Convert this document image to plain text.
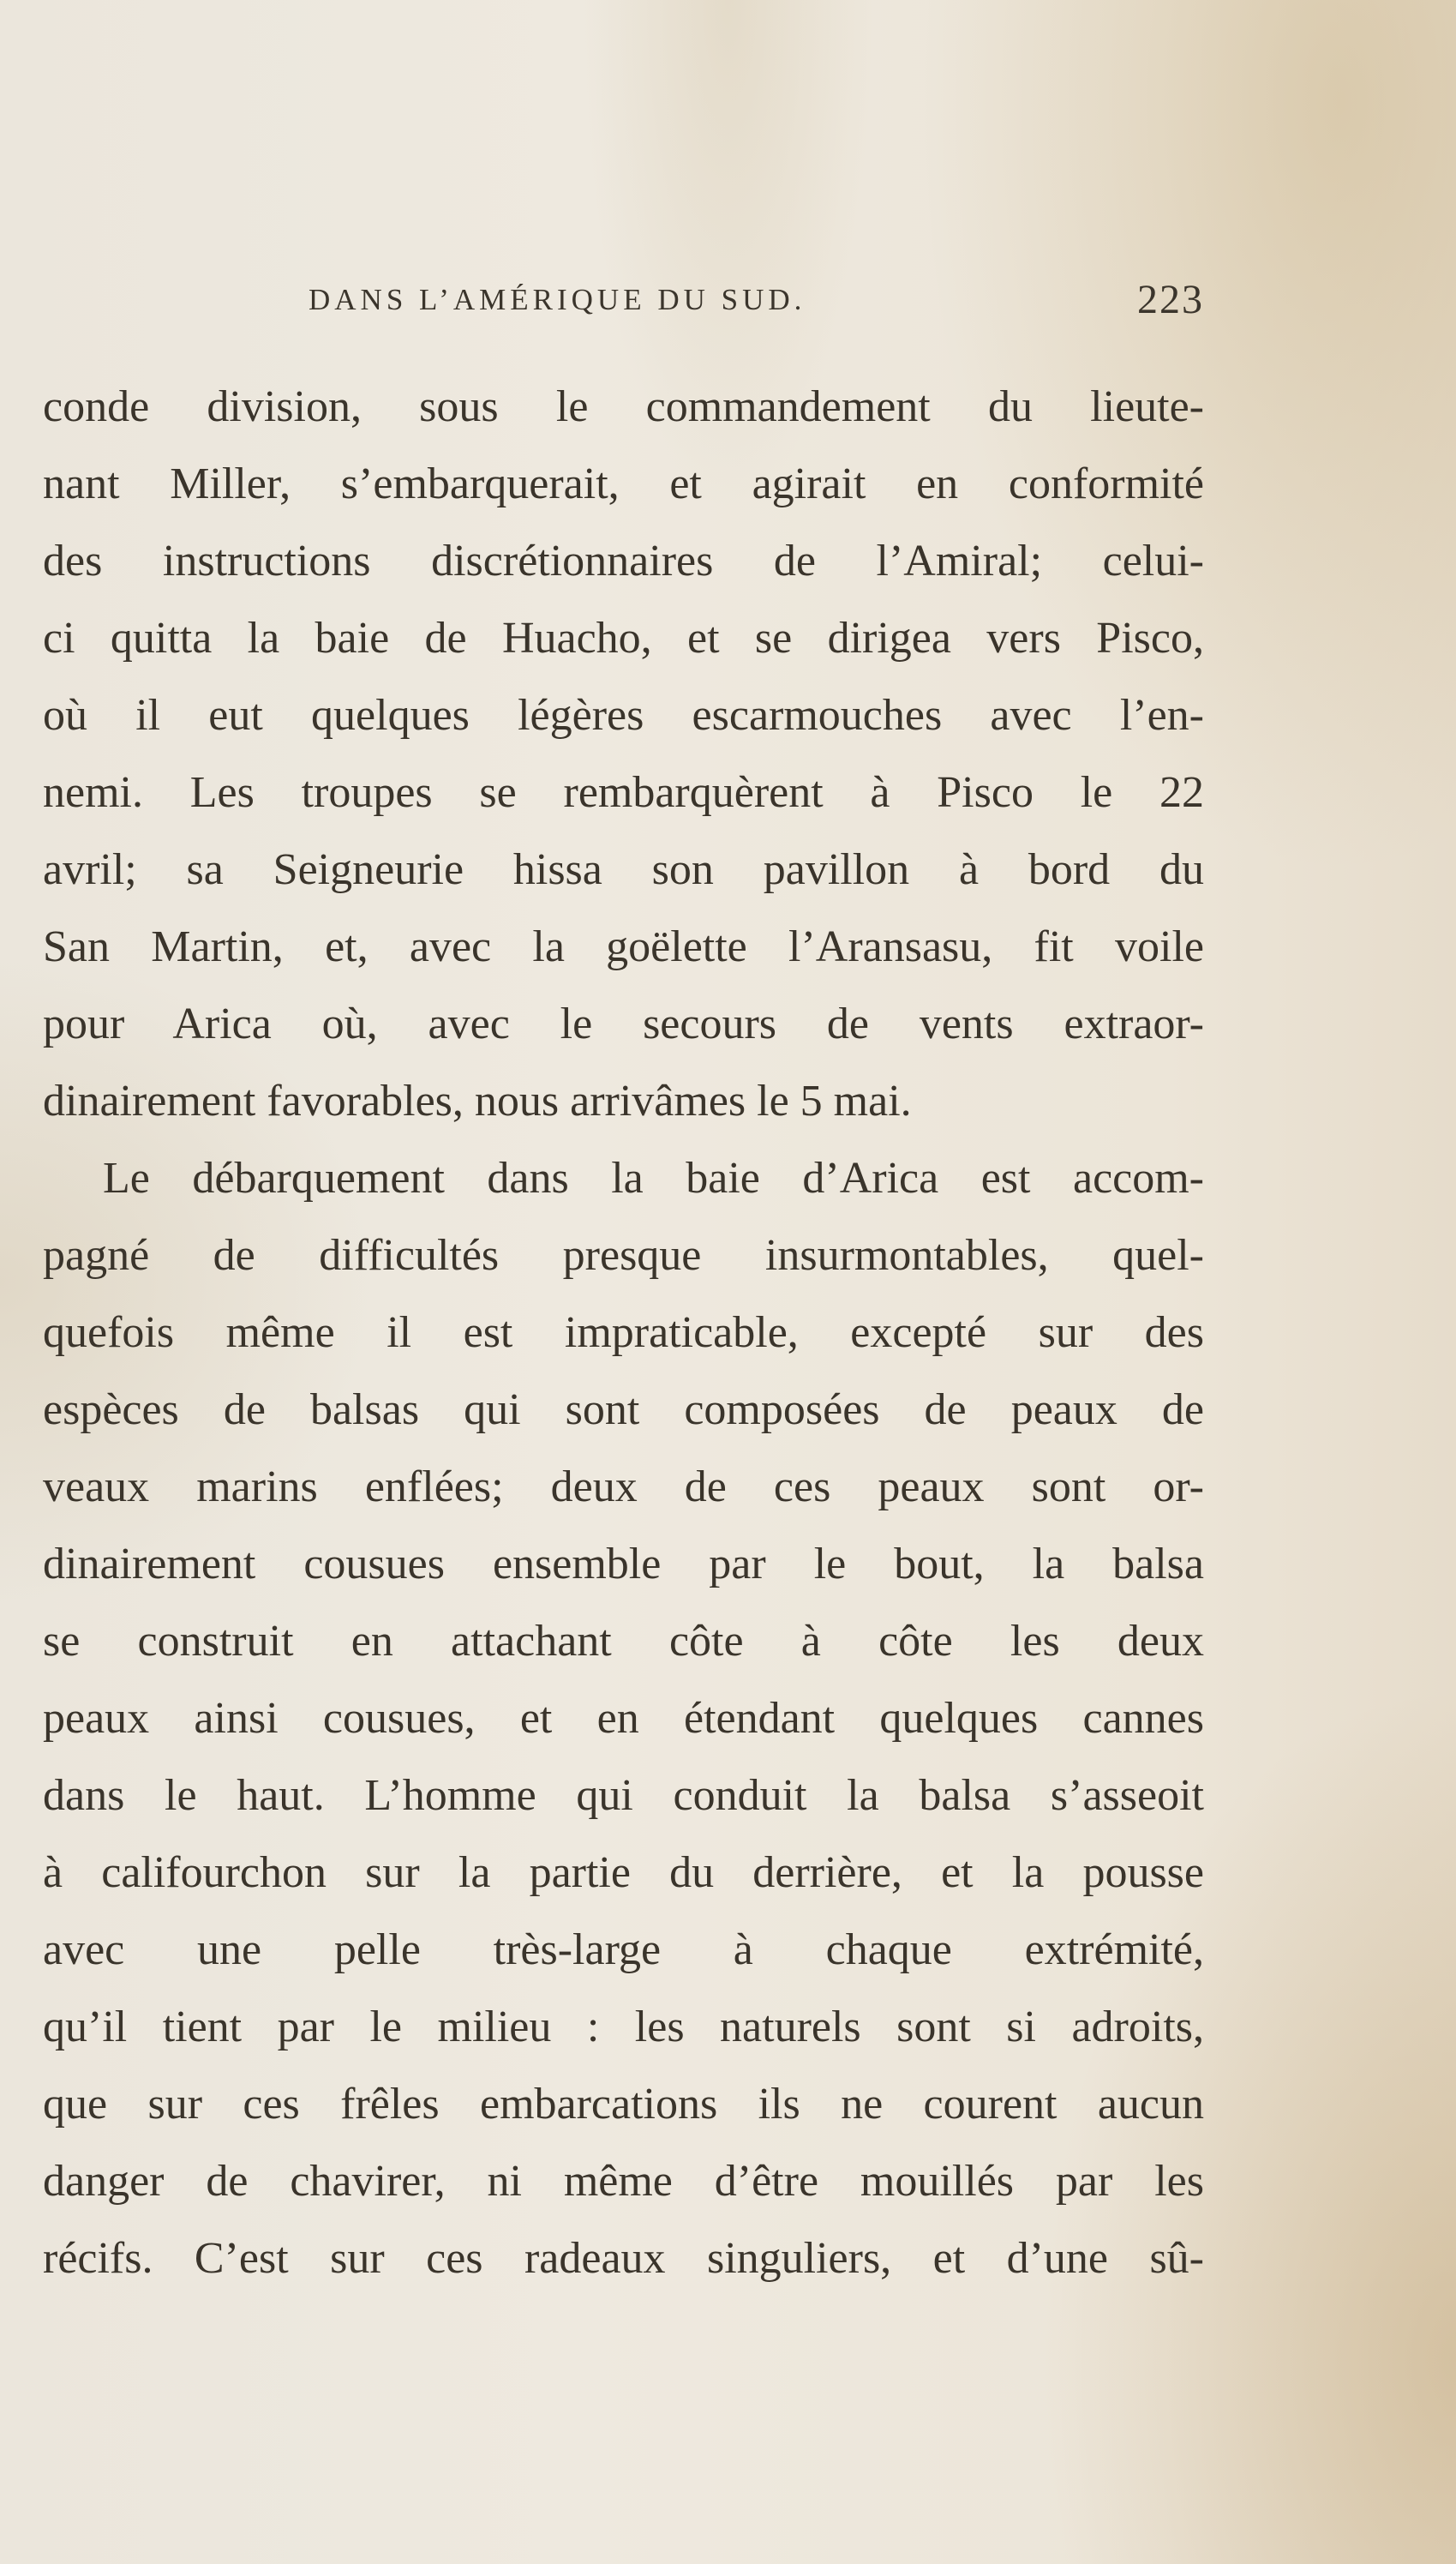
DANS L’AMÉRIQUE DU SUD.	223
conde division, sous le commandement du lieute-
nant Miller, s’embarquerait, et agirait en conformité
des instructions discrétionnaires de l’Amiral; celui-
ci quitta la baie de Huacho, et se dirigea vers Pisco,
où il eut quelques légères escarmouches avec l’en-
nemi. Les troupes se rembarquèrent à Pisco le 22
avril; sa Seigneurie hissa son pavillon à bord du
San Martin, et, avec la goëlette l’Aransasu, fit voile
pour Arica où, avec le secours de vents extraor-
dinairement favorables, nous arrivâmes le 5 mai.
Le débarquement dans la baie d’Arica est accom-
pagné de difficultés presque insurmontables, quel-
quefois même il est impraticable, excepté sur des
espèces de balsas qui sont composées de peaux de
veaux marins enflées; deux de ces peaux sont or-
dinairement cousues ensemble par le bout, la balsa
se construit en attachant côte à côte les deux
peaux ainsi cousues, et en étendant quelques cannes
dans le haut. L’homme qui conduit la balsa s’asseoit
à califourchon sur la partie du derrière, et la pousse
avec une pelle très-large à chaque extrémité,
qu’il tient par le milieu : les naturels sont si adroits,
que sur ces frêles embarcations ils ne courent aucun
danger de chavirer, ni même d’être mouillés par les
récifs. C’est sur ces radeaux singuliers, et d’une sû-
